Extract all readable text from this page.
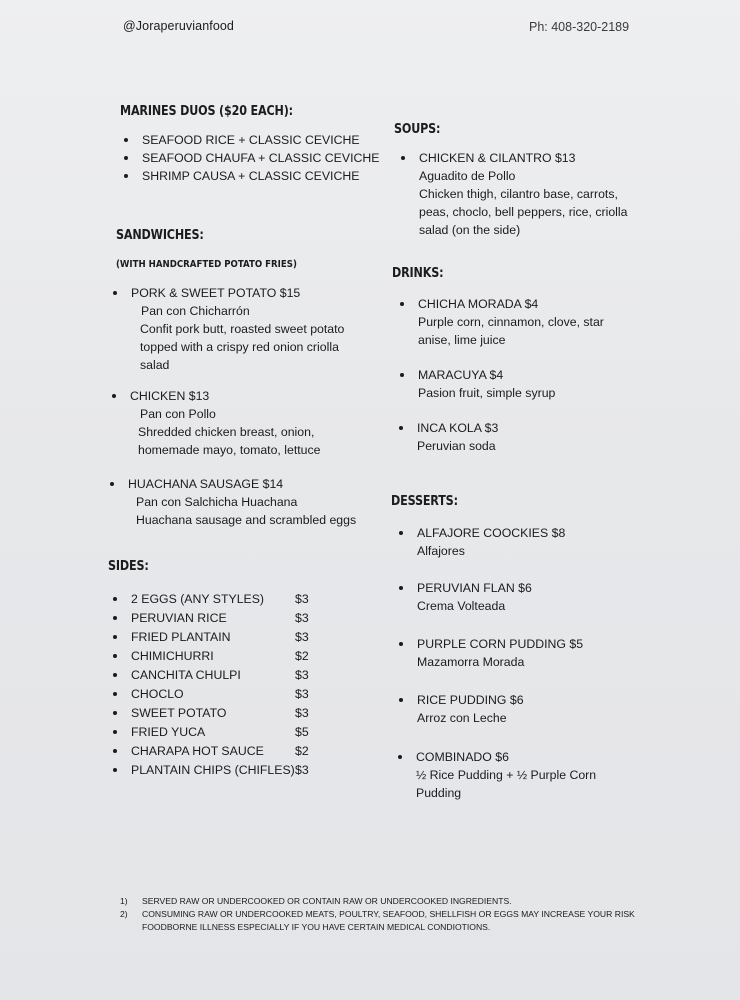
@Joraperuvianfood	Ph: 408-320-2189
MARINES DUOS ($20 EACH):
SEAFOOD RICE + CLASSIC CEVICHE
SEAFOOD CHAUFA + CLASSIC CEVICHE
SHRIMP CAUSA + CLASSIC CEVICHE
SANDWICHES:
(WITH HANDCRAFTED POTATO FRIES)
PORK & SWEET POTATO $15
Pan con Chicharrón
Confit pork butt, roasted sweet potato
topped with a crispy red onion criolla
salad
CHICKEN $13
Pan con Pollo
Shredded chicken breast, onion,
homemade mayo, tomato, lettuce
HUACHANA SAUSAGE $14
Pan con Salchicha Huachana
Huachana sausage and scrambled eggs
SIDES:
2 EGGS (ANY STYLES)	$3
PERUVIAN RICE	$3
FRIED PLANTAIN	$3
CHIMICHURRI	$2
CANCHITA CHULPI	$3
CHOCLO	$3
SWEET POTATO	$3
FRIED YUCA	$5
CHARAPA HOT SAUCE	$2
PLANTAIN CHIPS (CHIFLES) $3
SOUPS:
CHICKEN & CILANTRO $13
Aguadito de Pollo
Chicken thigh, cilantro base, carrots,
peas, choclo, bell peppers, rice, criolla
salad (on the side)
DRINKS:
CHICHA MORADA $4
Purple corn, cinnamon, clove, star
anise, lime juice
MARACUYA $4
Pasion fruit, simple syrup
INCA KOLA $3
Peruvian soda
DESSERTS:
ALFAJORE COOCKIES $8
Alfajores
PERUVIAN FLAN $6
Crema Volteada
PURPLE CORN PUDDING $5
Mazamorra Morada
RICE PUDDING $6
Arroz con Leche
COMBINADO $6
½ Rice Pudding + ½ Purple Corn
Pudding
1) SERVED RAW OR UNDERCOOKED OR CONTAIN RAW OR UNDERCOOKED INGREDIENTS.
2) CONSUMING RAW OR UNDERCOOKED MEATS, POULTRY, SEAFOOD, SHELLFISH OR EGGS MAY INCREASE YOUR RISK
FOODBORNE ILLNESS ESPECIALLY IF YOU HAVE CERTAIN MEDICAL CONDIOTIONS.
